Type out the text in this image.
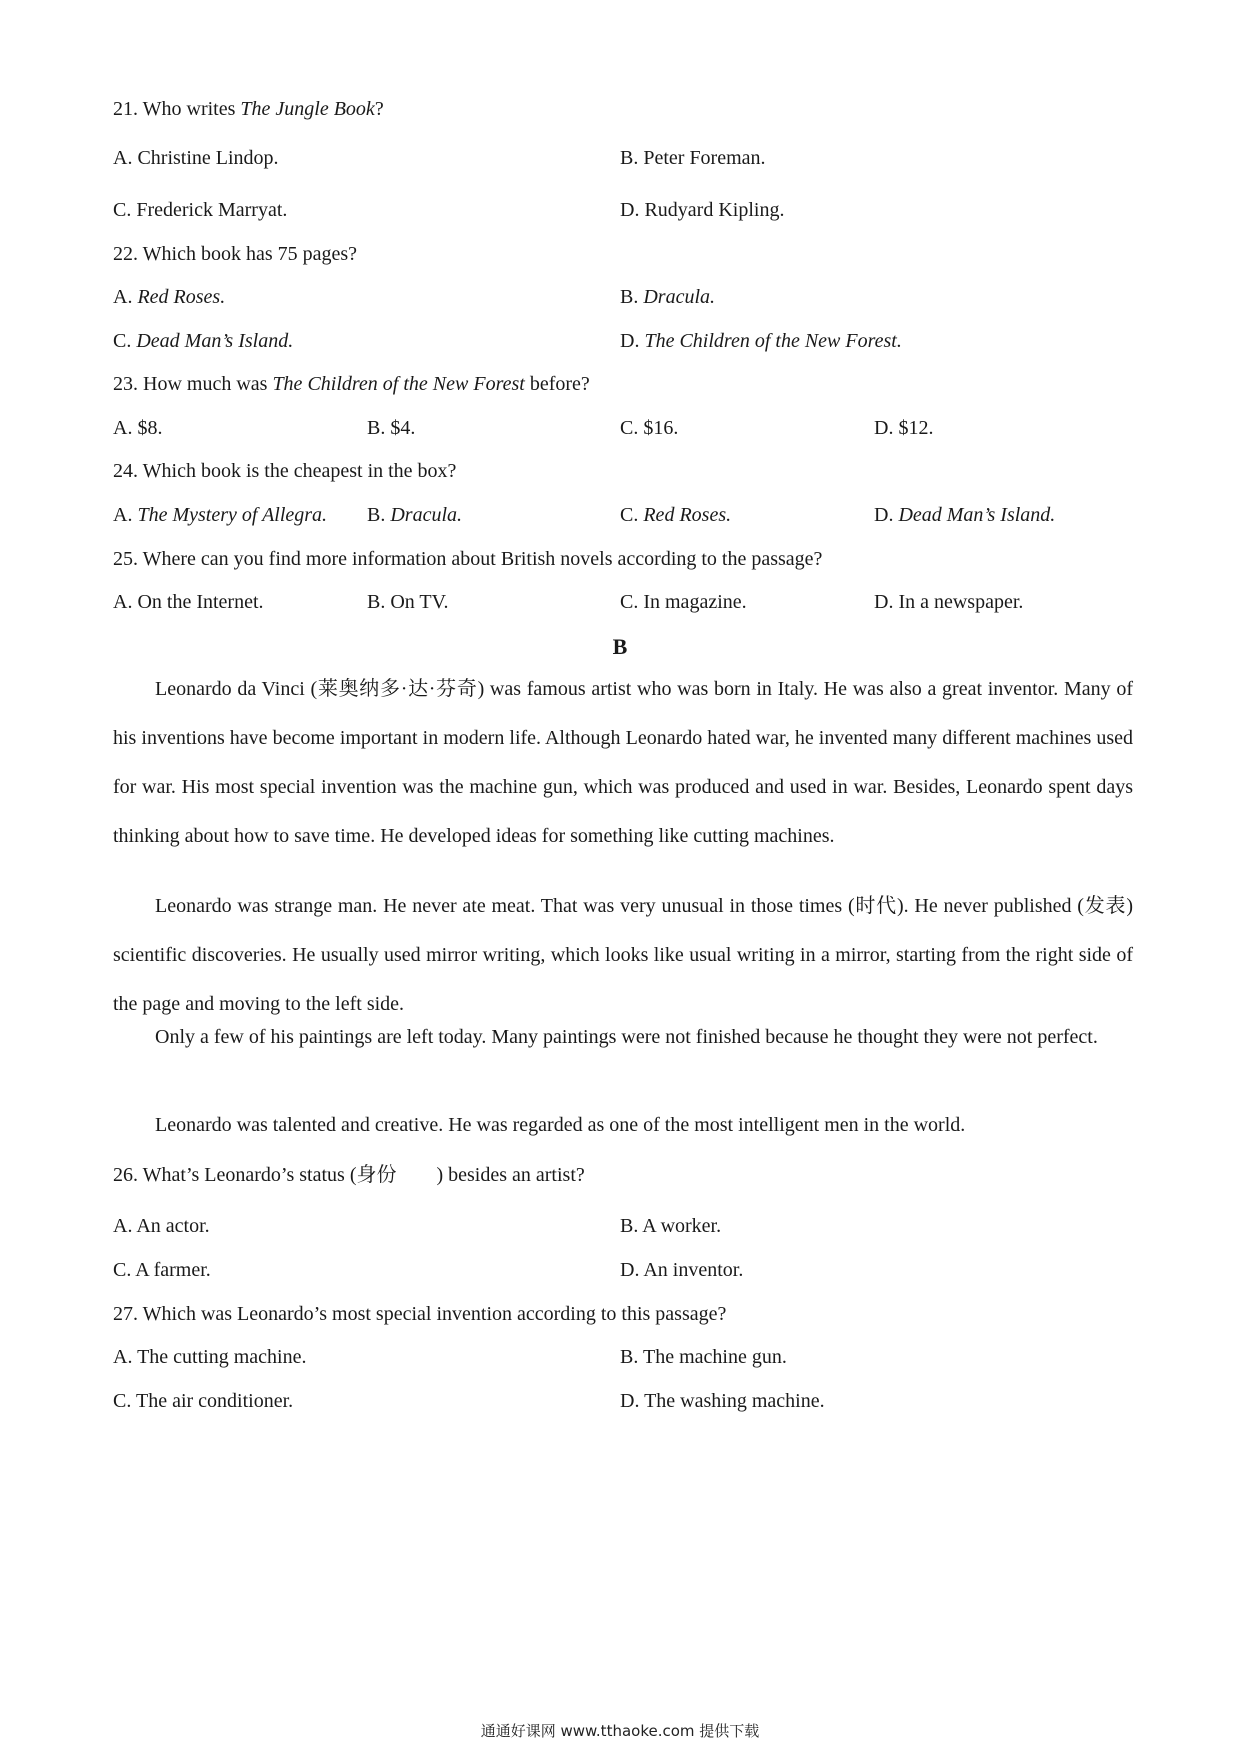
21. Who writes The Jungle Book?
A. Christine Lindop.	B. Peter Foreman.
C. Frederick Marryat.	D. Rudyard Kipling.
22. Which book has 75 pages?
A. Red Roses.	B. Dracula.
C. Dead Man’s Island.	D. The Children of the New Forest.
23. How much was The Children of the New Forest before?
A. $8.	B. $4.	C. $16.	D. $12.
24. Which book is the cheapest in the box?
A. The Mystery of Allegra. B. Dracula.	C. Red Roses.	D. Dead Man’s Island.
25. Where can you find more information about British novels according to the passage?
A. On the Internet.	B. On TV.	C. In magazine.	D. In a newspaper.
B
Leonardo da Vinci (莱奥纳多·达·芬奇) was famous artist who was born in Italy. He was also a great inventor. Many of his inventions have become important in modern life. Although Leonardo hated war, he invented many different machines used for war. His most special invention was the machine gun, which was produced and used in war. Besides, Leonardo spent days thinking about how to save time. He developed ideas for something like cutting machines.
Leonardo was strange man. He never ate meat. That was very unusual in those times (时代). He never published (发表) scientific discoveries. He usually used mirror writing, which looks like usual writing in a mirror, starting from the right side of the page and moving to the left side.
Only a few of his paintings are left today. Many paintings were not finished because he thought they were not perfect.
Leonardo was talented and creative. He was regarded as one of the most intelligent men in the world.
26. What’s Leonardo’s status (身份 ) besides an artist?
A. An actor.	B. A worker.
C. A farmer.	D. An inventor.
27. Which was Leonardo’s most special invention according to this passage?
A. The cutting machine.	B. The machine gun.
C. The air conditioner.	D. The washing machine.
通通好课网 www.tthaoke.com 提供下载
